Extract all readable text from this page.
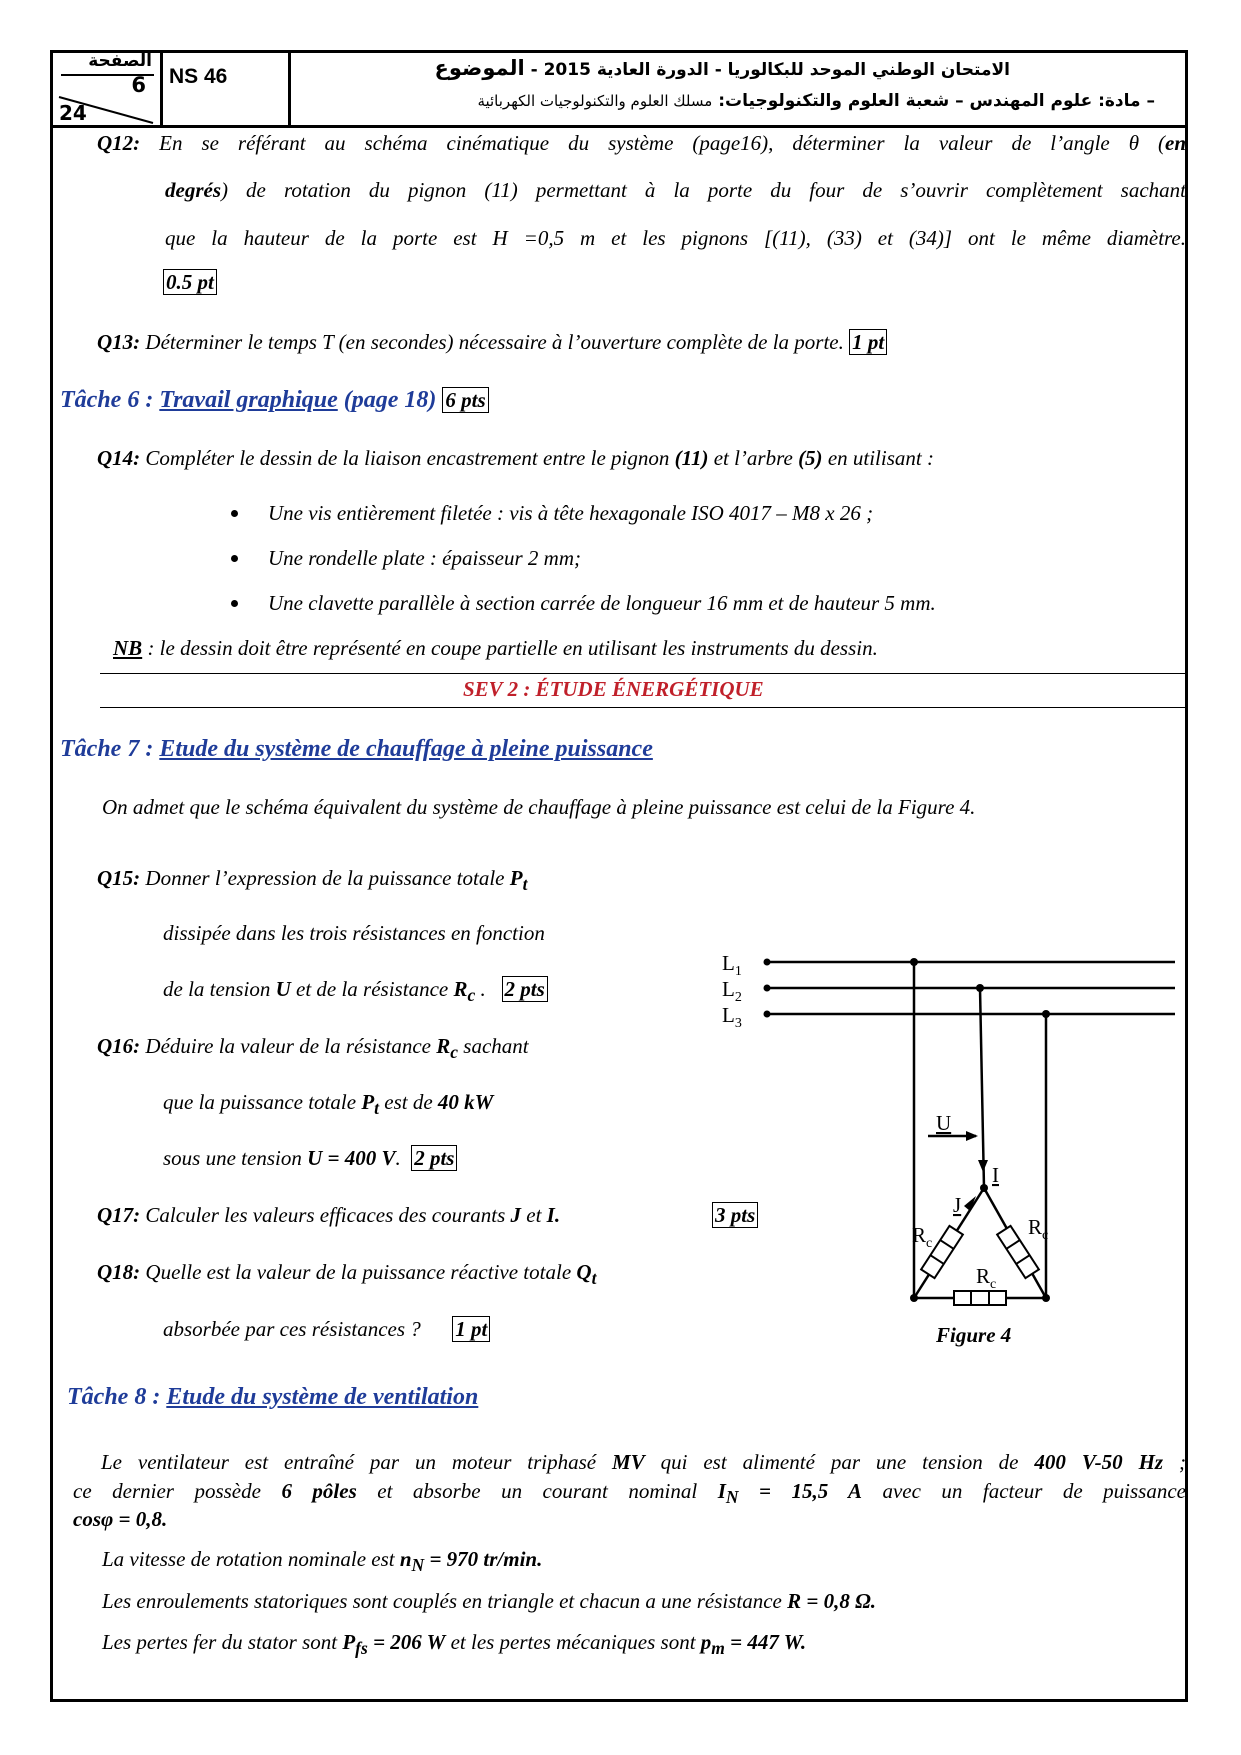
الصفحة
6
24
NS 46	الامتحان الوطني الموحد للبكالوريا - الدورة العادية 2015 - الموضوع
– مادة: علوم المهندس – شعبة العلوم والتكنولوجيات: مسلك العلوم والتكنولوجيات الكهربائية
Q12: En se référant au schéma cinématique du système (page16), déterminer la valeur de l’angle θ (en
degrés) de rotation du pignon (11) permettant à la porte du four de s’ouvrir complètement sachant
que la hauteur de la porte est H =0,5 m et les pignons [(11), (33) et (34)] ont le même diamètre.
0.5 pt
Q13: Déterminer le temps T (en secondes) nécessaire à l’ouverture complète de la porte. 1 pt
Tâche 6 : Travail graphique (page 18) 6 pts
Q14: Compléter le dessin de la liaison encastrement entre le pignon (11) et l’arbre (5) en utilisant :
Une vis entièrement filetée : vis à tête hexagonale ISO 4017 – M8 x 26 ;
Une rondelle plate : épaisseur 2 mm;
Une clavette parallèle à section carrée de longueur 16 mm et de hauteur 5 mm.
NB : le dessin doit être représenté en coupe partielle en utilisant les instruments du dessin.
SEV 2 : ÉTUDE ÉNERGÉTIQUE
Tâche 7 : Etude du système de chauffage à pleine puissance
On admet que le schéma équivalent du système de chauffage à pleine puissance est celui de la Figure 4.
Q15: Donner l’expression de la puissance totale $P_t$
dissipée dans les trois résistances en fonction
de la tension U et de la résistance $R_c$ . 2 pts
Q16: Déduire la valeur de la résistance $R_c$ sachant
que la puissance totale $P_t$ est de 40 kW
sous une tension U = 400 V. 2 pts
Q17: Calculer les valeurs efficaces des courants J et I.	3 pts
Q18: Quelle est la valeur de la puissance réactive totale $Q_t$
absorbée par ces résistances ? 1 pt
$L_1$
$L_2$
$L_3$
U
I
J
$R_c$
$R_c$
$R_c$
Figure 4
Tâche 8 : Etude du système de ventilation
Le ventilateur est entraîné par un moteur triphasé MV qui est alimenté par une tension de 400 V-50 Hz ;
ce dernier possède 6 pôles et absorbe un courant nominal $I_N = 15,5$ A avec un facteur de puissance
cosφ = 0,8.
La vitesse de rotation nominale est $n_N = 970$ tr/min.
Les enroulements statoriques sont couplés en triangle et chacun a une résistance R = 0,8 Ω.
Les pertes fer du stator sont $P_{fs} = 206$ W et les pertes mécaniques sont $p_m = 447$ W.
